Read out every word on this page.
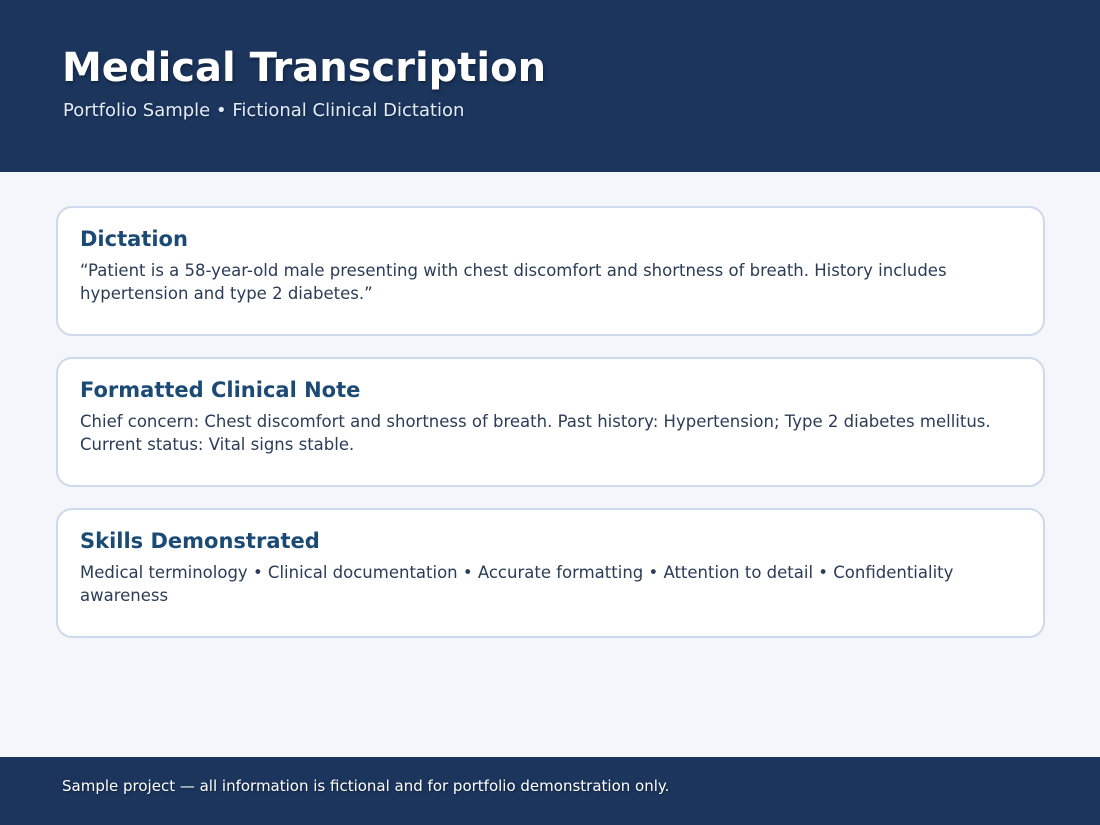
Medical Transcription
Portfolio Sample • Fictional Clinical Dictation
Dictation

“Patient is a 58-year-old male presenting with chest discomfort and shortness of breath. History includes hypertension and type 2 diabetes.”

Formatted Clinical Note

Chief concern: Chest discomfort and shortness of breath. Past history: Hypertension; Type 2 diabetes mellitus. Current status: Vital signs stable.

Skills Demonstrated

Medical terminology • Clinical documentation • Accurate formatting • Attention to detail • Confidentiality awareness

Sample project — all information is fictional and for portfolio demonstration only.
